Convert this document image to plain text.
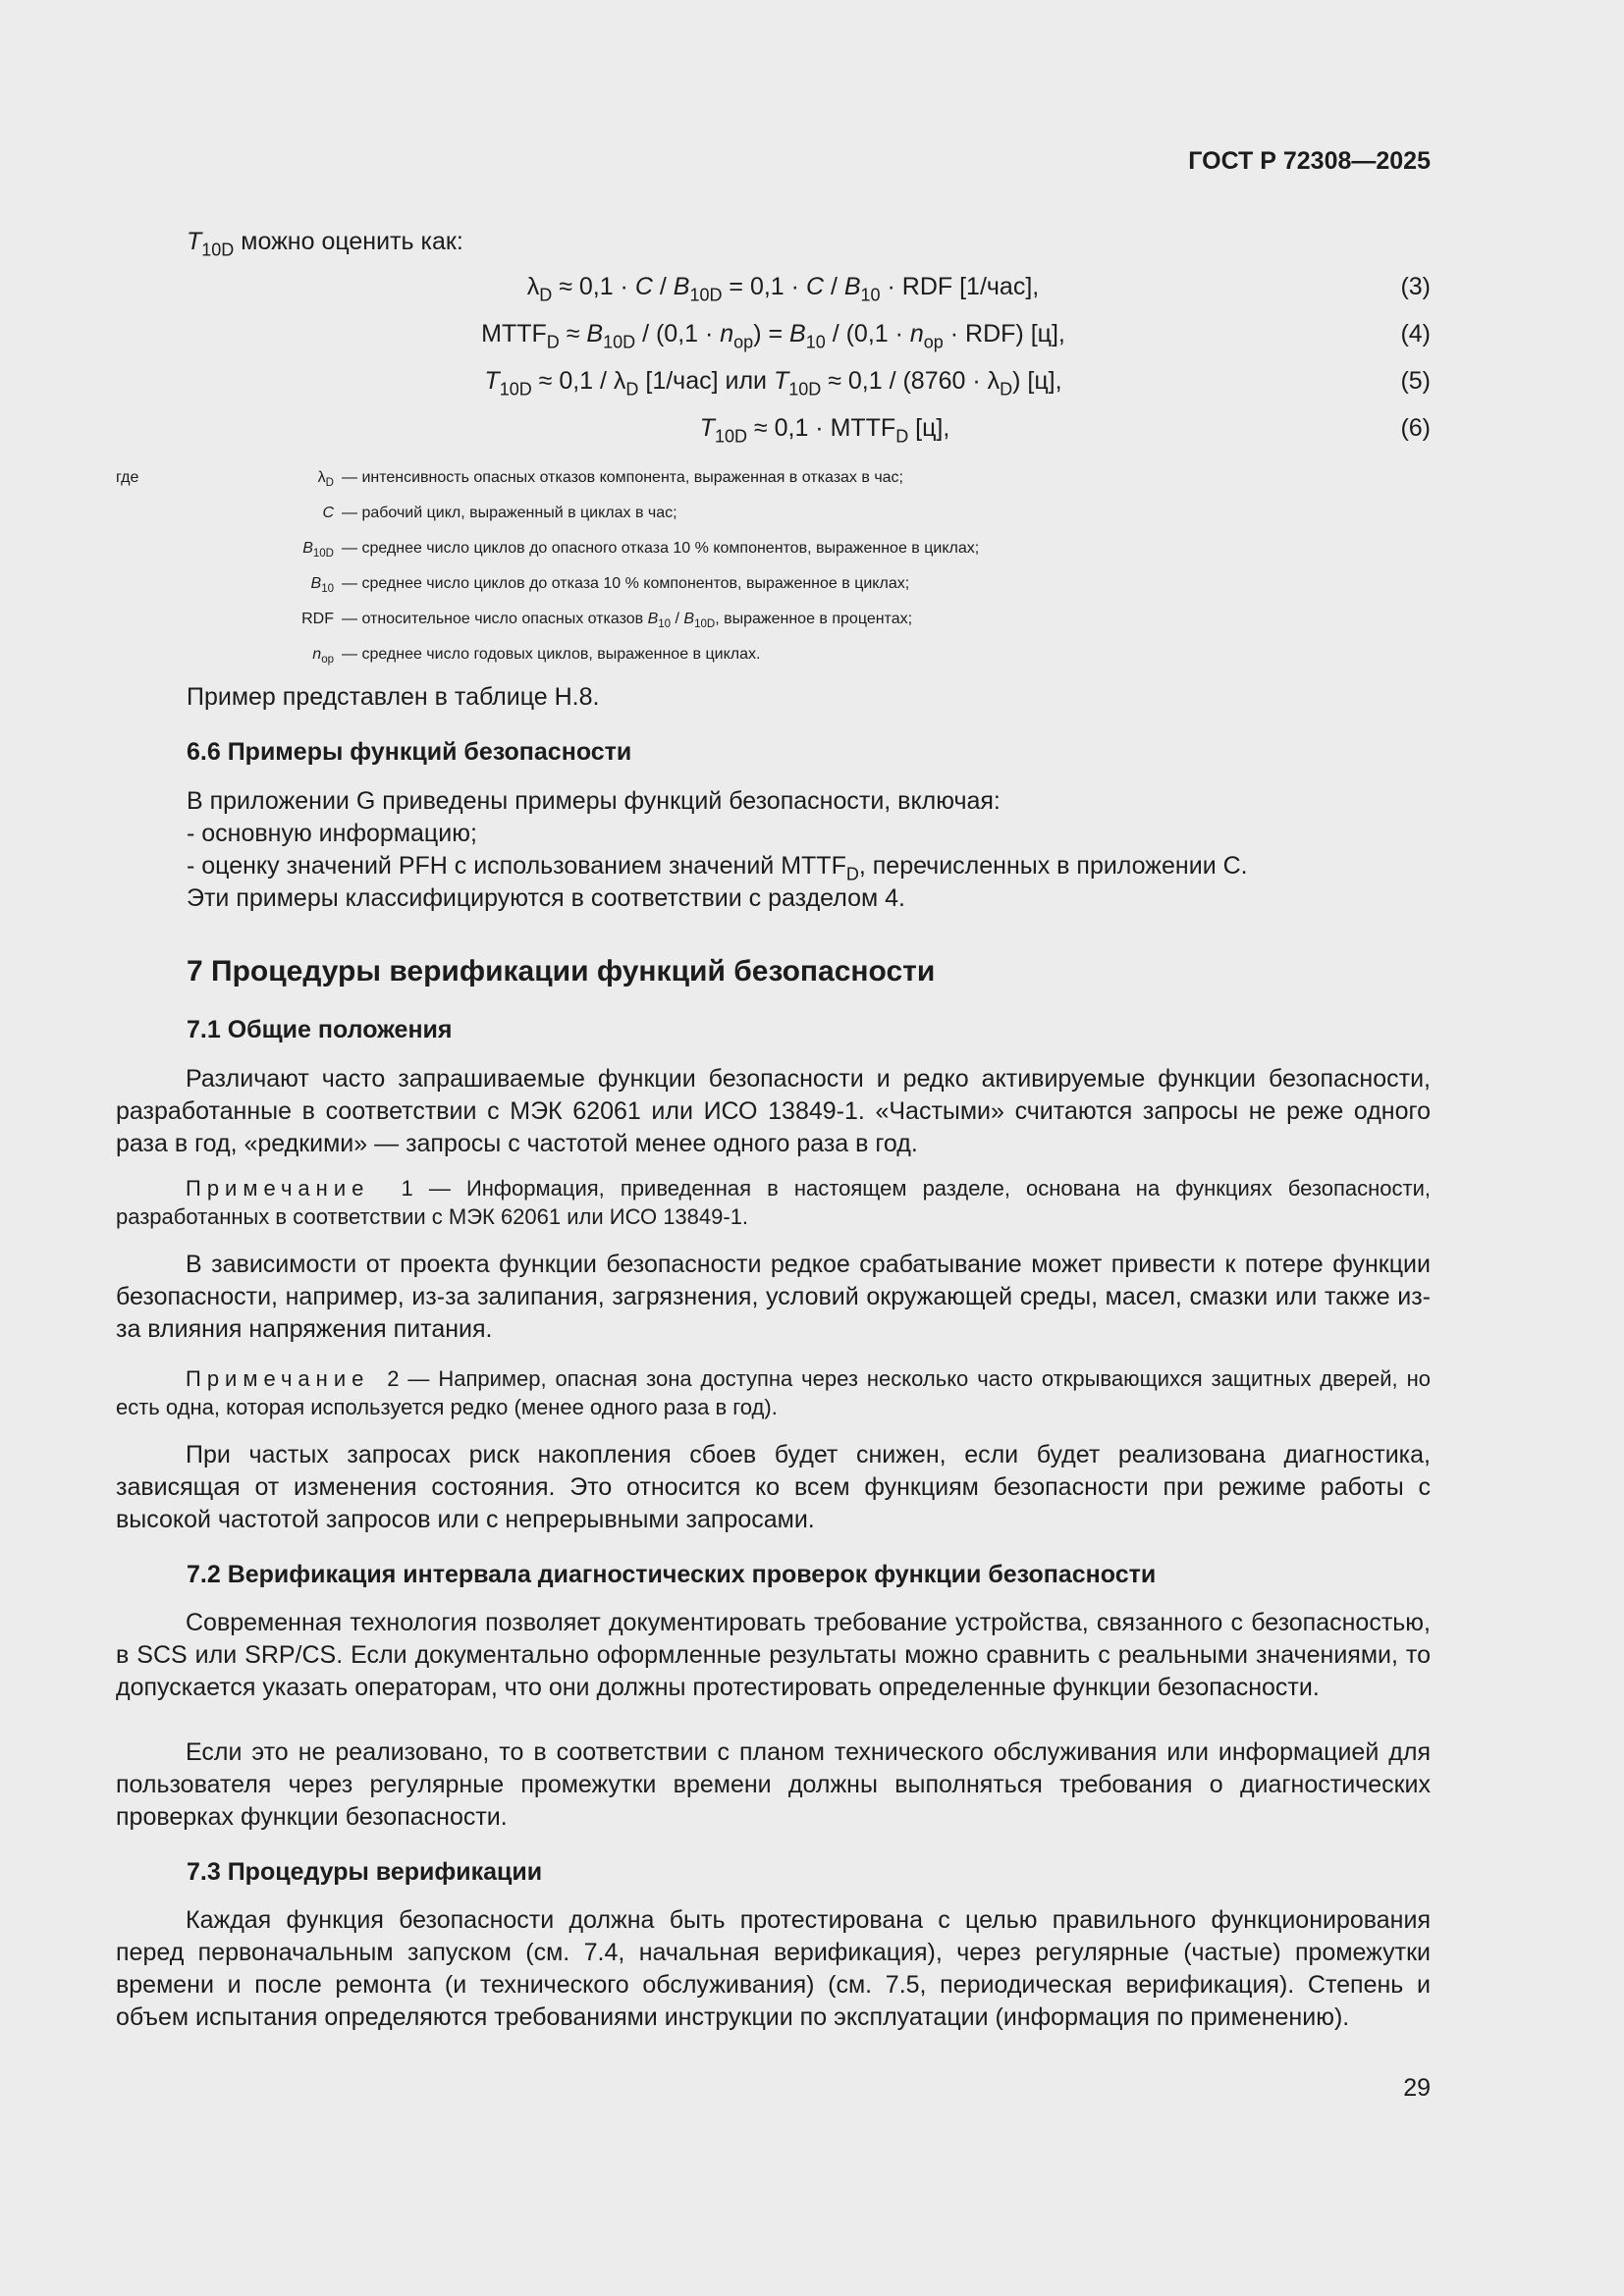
ГОСТ Р 72308—2025
$T_{10D}$ можно оценить как:
$\lambda_D \approx 0,1 \cdot C / B_{10D} = 0,1 \cdot C / B_{10}$ · RDF [1/час],	(3)
$MTTF_D \approx B_{10D} / (0,1 \cdot n_{ор}) = B_{10} / (0,1 \cdot n_{ор} \cdot RDF)$ [ц],	(4)
$T_{10D} \approx 0,1 / \lambda_D$ [1/час] или $T_{10D} \approx 0,1 / (8760 \cdot \lambda_D)$ [ц],	(5)
$T_{10D} \approx 0,1$ · $MTTF_D$ [ц],	(6)
где	$\lambda_D$ — интенсивность опасных отказов компонента, выраженная в отказах в час;
C — рабочий цикл, выраженный в циклах в час;
$B_{10D}$ — среднее число циклов до опасного отказа 10 % компонентов, выраженное в циклах;
$B_{10}$ — среднее число циклов до отказа 10 % компонентов, выраженное в циклах;
RDF — относительное число опасных отказов $B_{10} / B_{10D}$, выраженное в процентах;
$n_{ор}$ — среднее число годовых циклов, выраженное в циклах.
Пример представлен в таблице Н.8.
6.6 Примеры функций безопасности
В приложении G приведены примеры функций безопасности, включая:
- основную информацию;
- оценку значений PFH с использованием значений $MTTF_D$, перечисленных в приложении С.
Эти примеры классифицируются в соответствии с разделом 4.
7 Процедуры верификации функций безопасности
7.1 Общие положения

Различают часто запрашиваемые функции безопасности и редко активируемые функции безопасности, разработанные в соответствии с МЭК 62061 или ИСО 13849-1. «Частыми» считаются запросы не реже одного раза в год, «редкими» — запросы с частотой менее одного раза в год.

Примечание 1 — Информация, приведенная в настоящем разделе, основана на функциях безопасности, разработанных в соответствии с МЭК 62061 или ИСО 13849-1.

В зависимости от проекта функции безопасности редкое срабатывание может привести к потере функции безопасности, например, из-за залипания, загрязнения, условий окружающей среды, масел, смазки или также из-за влияния напряжения питания.

Примечание 2 — Например, опасная зона доступна через несколько часто открывающихся защитных дверей, но есть одна, которая используется редко (менее одного раза в год).

При частых запросах риск накопления сбоев будет снижен, если будет реализована диагностика, зависящая от изменения состояния. Это относится ко всем функциям безопасности при режиме работы с высокой частотой запросов или с непрерывными запросами.

7.2 Верификация интервала диагностических проверок функции безопасности

Современная технология позволяет документировать требование устройства, связанного с безопасностью, в SCS или SRP/CS. Если документально оформленные результаты можно сравнить с реальными значениями, то допускается указать операторам, что они должны протестировать определенные функции безопасности.

Если это не реализовано, то в соответствии с планом технического обслуживания или информацией для пользователя через регулярные промежутки времени должны выполняться требования о диагностических проверках функции безопасности.

7.3 Процедуры верификации

Каждая функция безопасности должна быть протестирована с целью правильного функционирования перед первоначальным запуском (см. 7.4, начальная верификация), через регулярные (частые) промежутки времени и после ремонта (и технического обслуживания) (см. 7.5, периодическая верификация). Степень и объем испытания определяются требованиями инструкции по эксплуатации (информация по применению).

29
